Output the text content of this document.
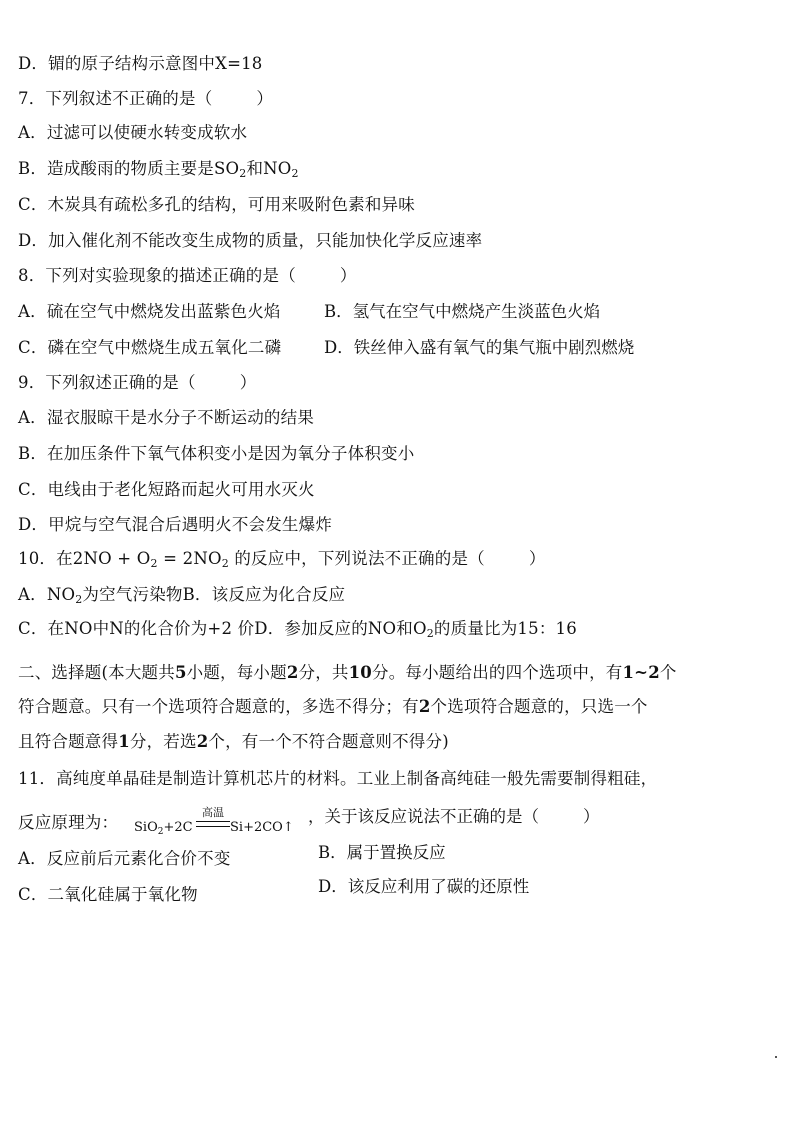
D．镅的原子结构示意图中X=18
7．下列叙述不正确的是（	）
A．过滤可以使硬水转变成软水
B．造成酸雨的物质主要是$SO_2$和$NO_2$
C．木炭具有疏松多孔的结构，可用来吸附色素和异味
D．加入催化剂不能改变生成物的质量，只能加快化学反应速率
8．下列对实验现象的描述正确的是（	）
A．硫在空气中燃烧发出蓝紫色火焰	B．氢气在空气中燃烧产生淡蓝色火焰
C．磷在空气中燃烧生成五氧化二磷	D．铁丝伸入盛有氧气的集气瓶中剧烈燃烧
9．下列叙述正确的是（	）
A．湿衣服晾干是水分子不断运动的结果
B．在加压条件下氧气体积变小是因为氧分子体积变小
C．电线由于老化短路而起火可用水灭火
D．甲烷与空气混合后遇明火不会发生爆炸
10．在$2NO + O_2 = 2NO_2$ 的反应中，下列说法不正确的是（	）
A．$NO_2$为空气污染物B．该反应为化合反应
C．在NO中N的化合价为+2 价D．参加反应的NO和$O_2$的质量比为15：16
二、选择题(本大题共5小题，每小题2分，共10分。每小题给出的四个选项中，有1~2个
符合题意。只有一个选项符合题意的，多选不得分；有2个选项符合题意的，只选一个
且符合题意得1分，若选2个，有一个不符合题意则不得分)
11．高纯度单晶硅是制造计算机芯片的材料。工业上制备高纯硅一般先需要制得粗硅，
反应原理为： SiO$_2$+2C
高温
Si+2CO↑
，关于该反应说法不正确的是（	）
A．反应前后元素化合价不变	B．属于置换反应
C．二氧化硅属于氧化物	D．该反应利用了碳的还原性
